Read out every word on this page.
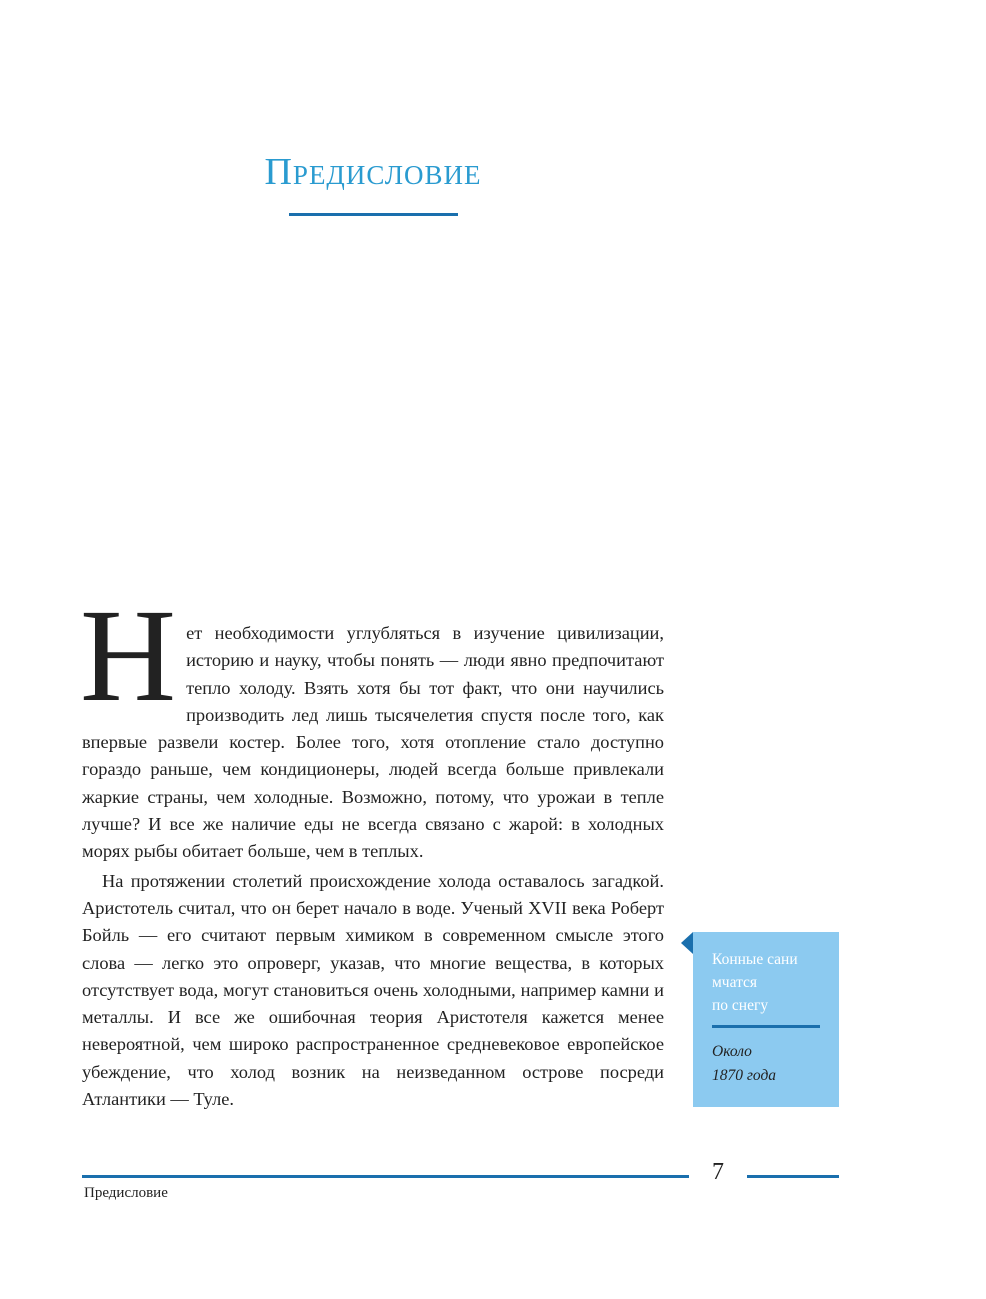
Предисловие

Нет необходимости углубляться в изучение цивилизации, историю и науку, чтобы понять — люди явно предпочитают тепло холоду. Взять хотя бы тот факт, что они научились производить лед лишь тысячелетия спустя после того, как впервые развели костер. Более того, хотя отопление стало доступно гораздо раньше, чем кондиционеры, людей всегда больше привлекали жаркие страны, чем холодные. Возможно, потому, что урожаи в тепле лучше? И все же наличие еды не всегда связано с жарой: в холодных морях рыбы обитает больше, чем в теплых.

На протяжении столетий происхождение холода оставалось загадкой. Аристотель считал, что он берет начало в воде. Ученый XVII века Роберт Бойль — его считают первым химиком в современном смысле этого слова — легко это опроверг, указав, что многие вещества, в которых отсутствует вода, могут становиться очень холодными, например камни и металлы. И все же ошибочная теория Аристотеля кажется менее невероятной, чем широко распространенное средневековое европейское убеждение, что холод возник на неизведанном острове посреди Атлантики — Туле.

Конные сани
мчатся
по снегу
Около
1870 года
7
Предисловие
